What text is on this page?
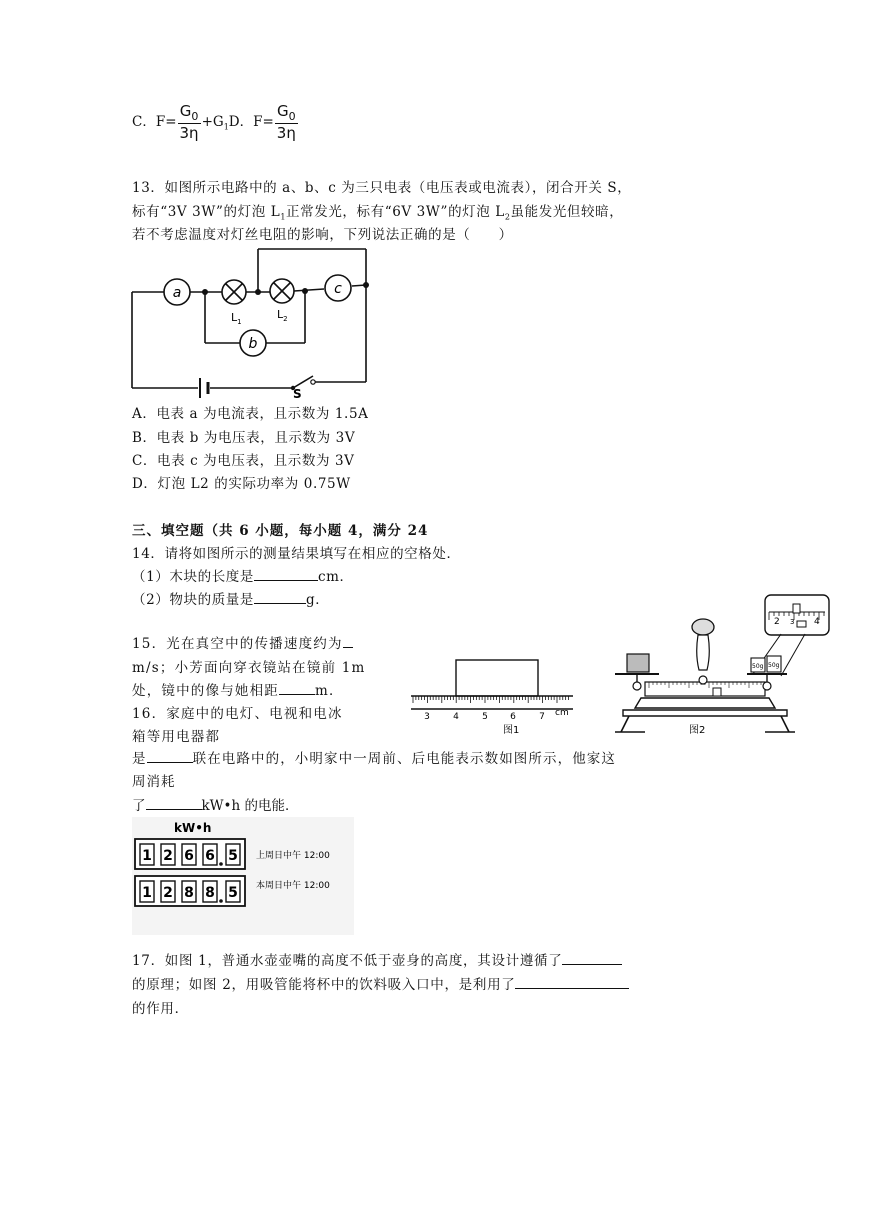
C．$F= \frac{G_0}{3\eta} +G_1D$．$F= \frac{G_0}{3\eta}$
13．如图所示电路中的 a、b、c 为三只电表（电压表或电流表），闭合开关 S，
标有“3V 3W”的灯泡 $L_1$正常发光，标有“6V 3W”的灯泡 $L_2$虽能发光但较暗，
若不考虑温度对灯丝电阻的影响，下列说法正确的是（　　）
a
$L_1$
$L_2$
c
b
S
A．电表 a 为电流表，且示数为 1.5A
B．电表 b 为电压表，且示数为 3V
C．电表 c 为电压表，且示数为 3V
D．灯泡 L2 的实际功率为 0.75W
三、填空题（共 6 小题，每小题 4，满分 24
14．请将如图所示的测量结果填写在相应的空格处．
（1）木块的长度是	cm．
（2）物块的质量是	g．
15．光在真空中的传播速度约为
m/s；小芳面向穿衣镜站在镜前 1m
处，镜中的像与她相距	m．
16．家庭中的电灯、电视和电冰
箱等用电器都
是	联在电路中的，小明家中一周前、后电能表示数如图所示，他家这
周消耗
了	kW•h 的电能．
3	4	5 6	7 cm
图1
2 3 4
50g 50g
图2
kW•h
1 2 6 6 5 上周日中午 12:00
1 2 8 8 5 本周日中午 12:00
17．如图 1，普通水壶壶嘴的高度不低于壶身的高度，其设计遵循了
的原理；如图 2，用吸管能将杯中的饮料吸入口中，是利用了
的作用．
